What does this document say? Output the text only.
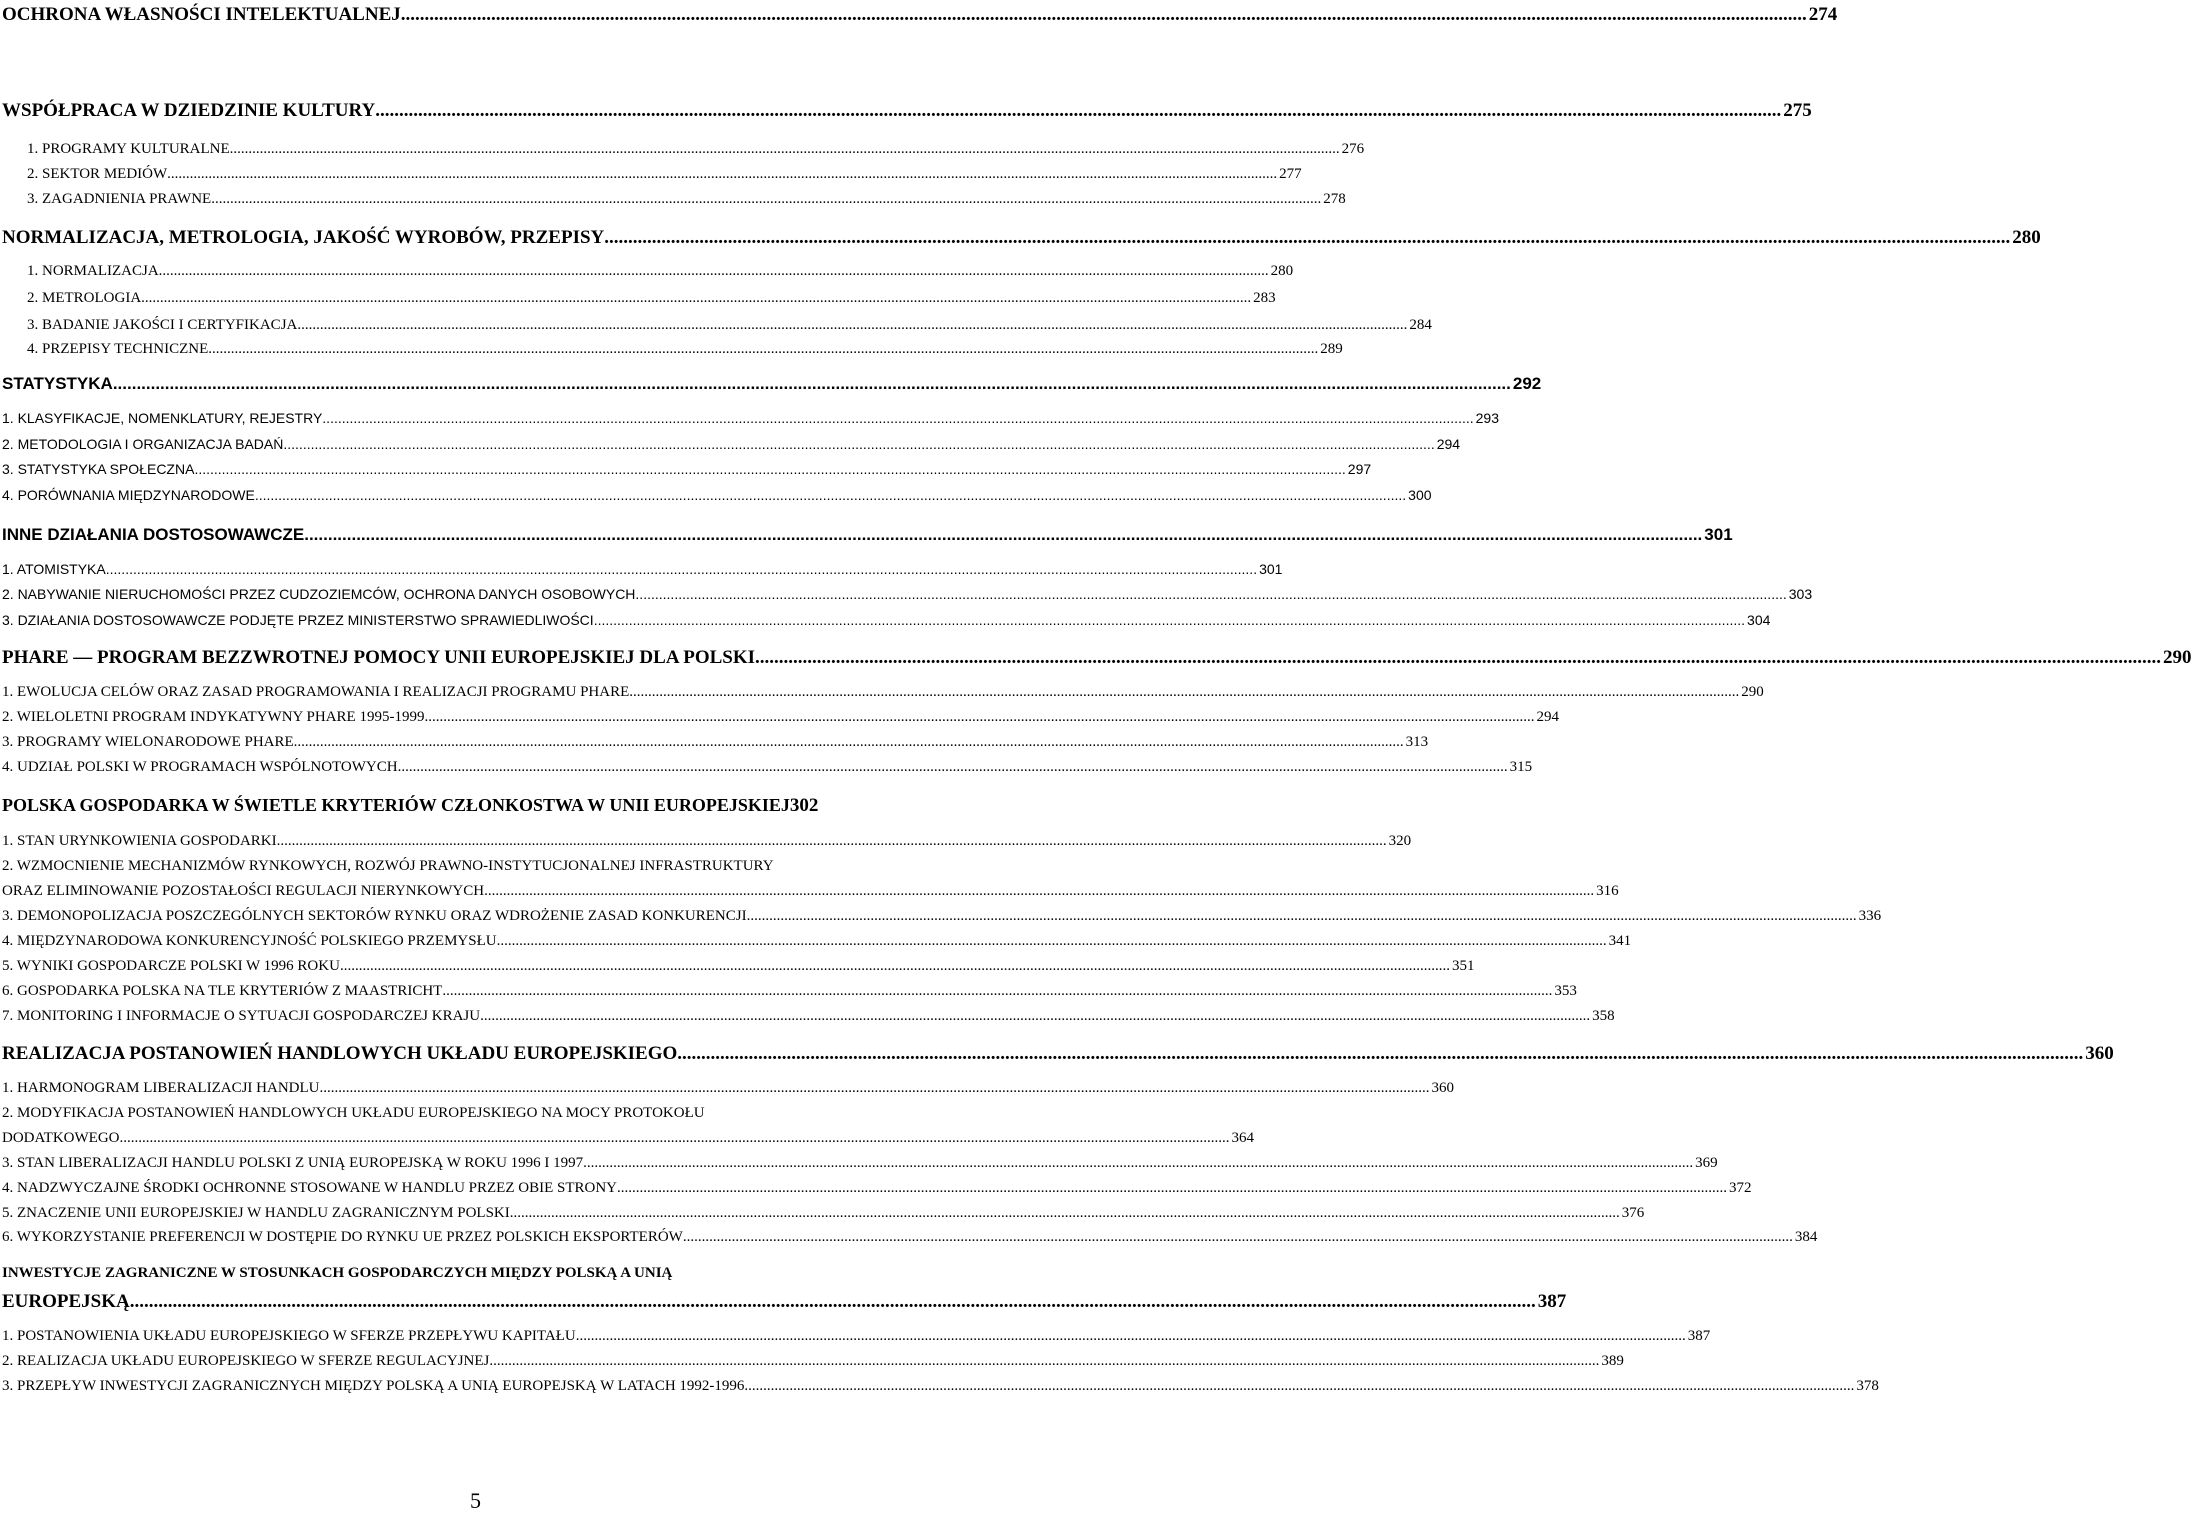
OCHRONA WŁASNOŚCI INTELEKTUALNEJ .....	274
WSPÓŁPRACA W DZIEDZINIE KULTURY .....	275
1. PROGRAMY KULTURALNE .....	276
2. SEKTOR MEDIÓW .....	277
3. ZAGADNIENIA PRAWNE .....	278
NORMALIZACJA, METROLOGIA, JAKOŚĆ WYROBÓW, PRZEPISY .....	280
1. NORMALIZACJA .....	280
2. METROLOGIA .....	283
3. BADANIE JAKOŚCI I CERTYFIKACJA .....	284
4. PRZEPISY TECHNICZNE .....	289
STATYSTYKA .....	292
1. KLASYFIKACJE, NOMENKLATURY, REJESTRY .....	293
2. METODOLOGIA I ORGANIZACJA BADAŃ .....	294
3. STATYSTYKA SPOŁECZNA .....	297
4. PORÓWNANIA MIĘDZYNARODOWE .....	300
INNE DZIAŁANIA DOSTOSOWAWCZE .....	301
1. ATOMISTYKA .....	301
2. NABYWANIE NIERUCHOMOŚCI PRZEZ CUDZOZIEMCÓW, OCHRONA DANYCH OSOBOWYCH .....	303
3. DZIAŁANIA DOSTOSOWAWCZE PODJĘTE PRZEZ MINISTERSTWO SPRAWIEDLIWOŚCI .....	304
PHARE — PROGRAM BEZZWROTNEJ POMOCY UNII EUROPEJSKIEJ DLA POLSKI .....	290
1. EWOLUCJA CELÓW ORAZ ZASAD PROGRAMOWANIA I REALIZACJI PROGRAMU PHARE .....	290
2. WIELOLETNI PROGRAM INDYKATYWNY PHARE 1995-1999 .....	294
3. PROGRAMY WIELONARODOWE PHARE .....	313
4. UDZIAŁ POLSKI W PROGRAMACH WSPÓLNOTOWYCH .....	315
POLSKA GOSPODARKA W ŚWIETLE KRYTERIÓW CZŁONKOSTWA W UNII EUROPEJSKIEJ 302
1. STAN URYNKOWIENIA GOSPODARKI .....	320
2. WZMOCNIENIE MECHANIZMÓW RYNKOWYCH, ROZWÓJ PRAWNO-INSTYTUCJONALNEJ INFRASTRUKTURY
ORAZ ELIMINOWANIE POZOSTAŁOŚCI REGULACJI NIERYNKOWYCH .....	316
3. DEMONOPOLIZACJA POSZCZEGÓLNYCH SEKTORÓW RYNKU ORAZ WDROŻENIE ZASAD KONKURENCJI .....	336
4. MIĘDZYNARODOWA KONKURENCYJNOŚĆ POLSKIEGO PRZEMYSŁU .....	341
5. WYNIKI GOSPODARCZE POLSKI W 1996 ROKU .....	351
6. GOSPODARKA POLSKA NA TLE KRYTERIÓW Z MAASTRICHT .....	353
7. MONITORING I INFORMACJE O SYTUACJI GOSPODARCZEJ KRAJU .....	358
REALIZACJA POSTANOWIEŃ HANDLOWYCH UKŁADU EUROPEJSKIEGO .....	360
1. HARMONOGRAM LIBERALIZACJI HANDLU .....	360
2. MODYFIKACJA POSTANOWIEŃ HANDLOWYCH UKŁADU EUROPEJSKIEGO NA MOCY PROTOKOŁU
DODATKOWEGO .....	364
3. STAN LIBERALIZACJI HANDLU POLSKI Z UNIĄ EUROPEJSKĄ W ROKU 1996 I 1997 .....	369
4. NADZWYCZAJNE ŚRODKI OCHRONNE STOSOWANE W HANDLU PRZEZ OBIE STRONY .....	372
5. ZNACZENIE UNII EUROPEJSKIEJ W HANDLU ZAGRANICZNYM POLSKI .....	376
6. WYKORZYSTANIE PREFERENCJI W DOSTĘPIE DO RYNKU UE PRZEZ POLSKICH EKSPORTERÓW .....	384
INWESTYCJE ZAGRANICZNE W STOSUNKACH GOSPODARCZYCH MIĘDZY POLSKĄ A UNIĄ
EUROPEJSKĄ .....	387
1. POSTANOWIENIA UKŁADU EUROPEJSKIEGO W SFERZE PRZEPŁYWU KAPITAŁU .....	387
2. REALIZACJA UKŁADU EUROPEJSKIEGO W SFERZE REGULACYJNEJ .....	389
3. PRZEPŁYW INWESTYCJI ZAGRANICZNYCH MIĘDZY POLSKĄ A UNIĄ EUROPEJSKĄ W LATACH 1992-1996 .....	378
5
